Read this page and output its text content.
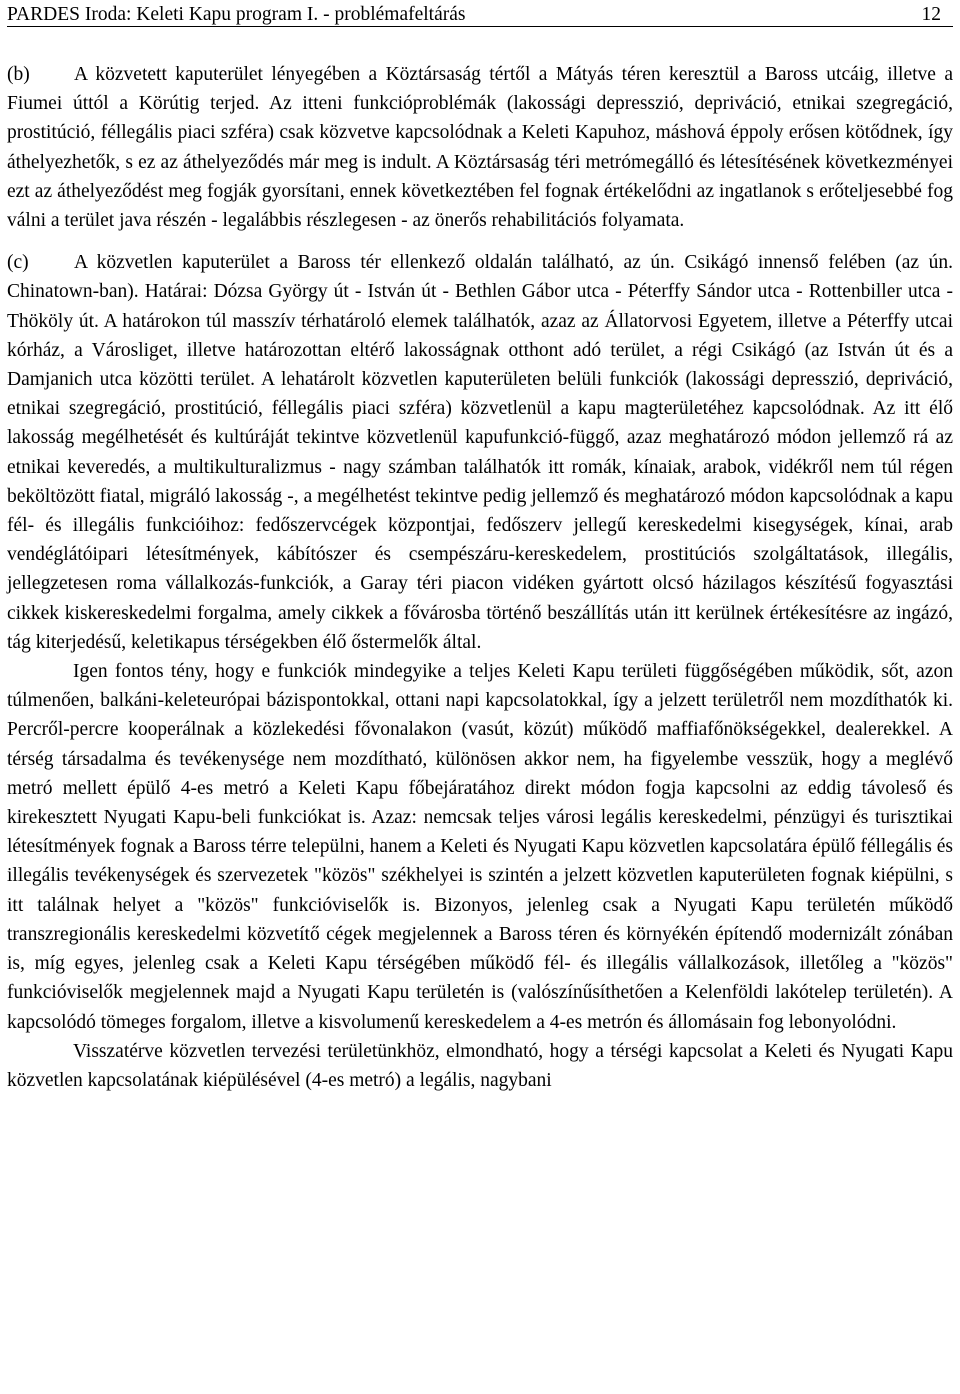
PARDES Iroda: Keleti Kapu program I. - problémafeltárás	12

(b) A közvetett kaputerület lényegében a Köztársaság tértől a Mátyás téren keresztül a Baross utcáig, illetve a Fiumei úttól a Körútig terjed. Az itteni funkcióproblémák (lakossági depresszió, depriváció, etnikai szegregáció, prostitúció, féllegális piaci szféra) csak közvetve kapcsolódnak a Keleti Kapuhoz, máshová éppoly erősen kötődnek, így áthelyezhetők, s ez az áthelyeződés már meg is indult. A Köztársaság téri metrómegálló és létesítésének következményei ezt az áthelyeződést meg fogják gyorsítani, ennek következtében fel fognak értékelődni az ingatlanok s erőteljesebbé fog válni a terület java részén - legalábbis részlegesen - az önerős rehabilitációs folyamata.

(c) A közvetlen kaputerület a Baross tér ellenkező oldalán található, az ún. Csikágó innenső felében (az ún. Chinatown-ban). Határai: Dózsa György út - István út - Bethlen Gábor utca - Péterffy Sándor utca - Rottenbiller utca - Thököly út. A határokon túl masszív térhatároló elemek találhatók, azaz az Állatorvosi Egyetem, illetve a Péterffy utcai kórház, a Városliget, illetve határozottan eltérő lakosságnak otthont adó terület, a régi Csikágó (az István út és a Damjanich utca közötti terület. A lehatárolt közvetlen kaputerületen belüli funkciók (lakossági depresszió, depriváció, etnikai szegregáció, prostitúció, féllegális piaci szféra) közvetlenül a kapu magterületéhez kapcsolódnak. Az itt élő lakosság megélhetését és kultúráját tekintve közvetlenül kapufunkció-függő, azaz meghatározó módon jellemző rá az etnikai keveredés, a multikulturalizmus - nagy számban találhatók itt romák, kínaiak, arabok, vidékről nem túl régen beköltözött fiatal, migráló lakosság -, a megélhetést tekintve pedig jellemző és meghatározó módon kapcsolódnak a kapu fél- és illegális funkcióihoz: fedőszervcégek központjai, fedőszerv jellegű kereskedelmi kisegységek, kínai, arab vendéglátóipari létesítmények, kábítószer és csempészáru-kereskedelem, prostitúciós szolgáltatások, illegális, jellegzetesen roma vállalkozás-funkciók, a Garay téri piacon vidéken gyártott olcsó házilagos készítésű fogyasztási cikkek kiskereskedelmi forgalma, amely cikkek a fővárosba történő beszállítás után itt kerülnek értékesítésre az ingázó, tág kiterjedésű, keletikapus térségekben élő őstermelők által.

Igen fontos tény, hogy e funkciók mindegyike a teljes Keleti Kapu területi függőségében működik, sőt, azon túlmenően, balkáni-keleteurópai bázispontokkal, ottani napi kapcsolatokkal, így a jelzett területről nem mozdíthatók ki. Percről-percre kooperálnak a közlekedési fővonalakon (vasút, közút) működő maffiafőnökségekkel, dealerekkel. A térség társadalma és tevékenysége nem mozdítható, különösen akkor nem, ha figyelembe vesszük, hogy a meglévő metró mellett épülő 4-es metró a Keleti Kapu főbejáratához direkt módon fogja kapcsolni az eddig távoleső és kirekesztett Nyugati Kapu-beli funkciókat is. Azaz: nemcsak teljes városi legális kereskedelmi, pénzügyi és turisztikai létesítmények fognak a Baross térre települni, hanem a Keleti és Nyugati Kapu közvetlen kapcsolatára épülő féllegális és illegális tevékenységek és szervezetek "közös" székhelyei is szintén a jelzett közvetlen kaputerületen fognak kiépülni, s itt találnak helyet a "közös" funkcióviselők is. Bizonyos, jelenleg csak a Nyugati Kapu területén működő transzregionális kereskedelmi közvetítő cégek megjelennek a Baross téren és környékén építendő modernizált zónában is, míg egyes, jelenleg csak a Keleti Kapu térségében működő fél- és illegális vállalkozások, illetőleg a "közös" funkcióviselők megjelennek majd a Nyugati Kapu területén is (valószínűsíthetően a Kelenföldi lakótelep területén). A kapcsolódó tömeges forgalom, illetve a kisvolumenű kereskedelem a 4-es metrón és állomásain fog lebonyolódni.

Visszatérve közvetlen tervezési területünkhöz, elmondható, hogy a térségi kapcsolat a Keleti és Nyugati Kapu közvetlen kapcsolatának kiépülésével (4-es metró) a legális, nagybani
